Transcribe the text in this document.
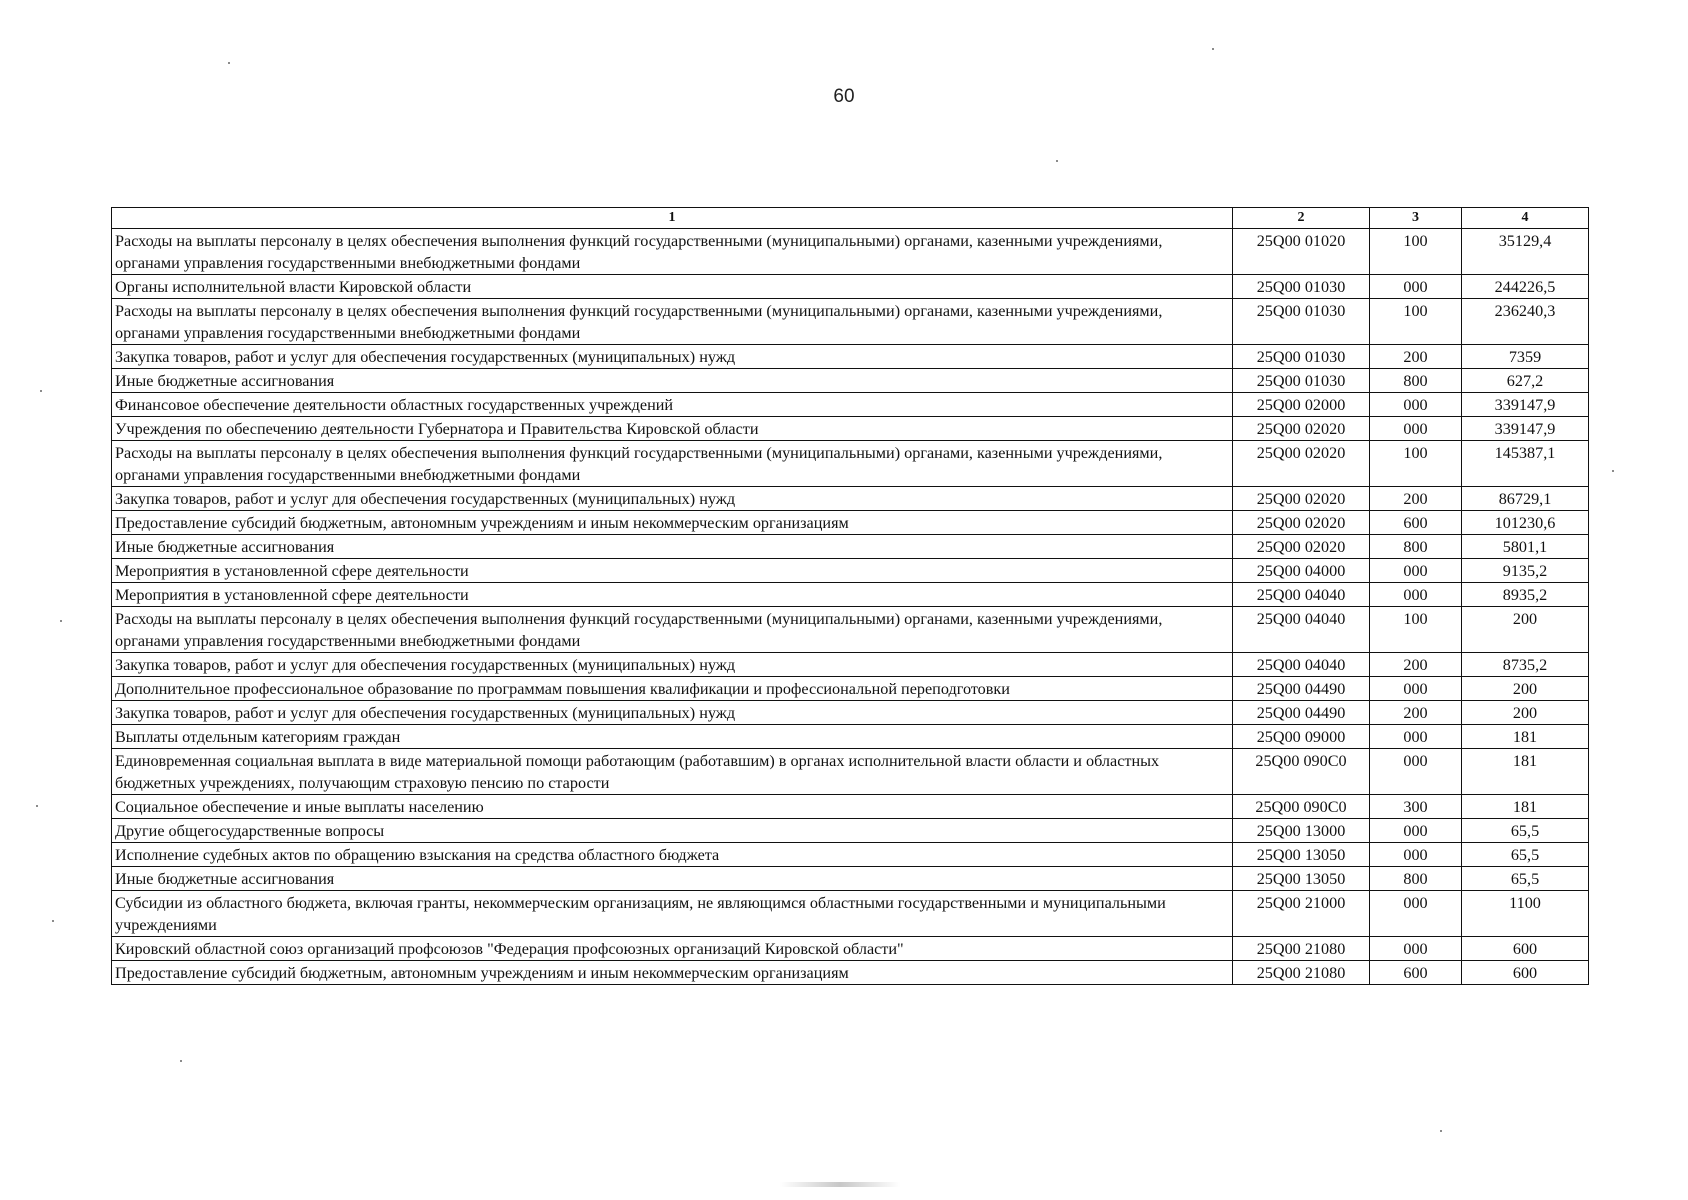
60
1	2	3	4
Расходы на выплаты персоналу в целях обеспечения выполнения функций государственными (муниципальными) органами, казенными учреждениями, органами управления государственными внебюджетными фондами	25Q00 01020	100	35129,4
Органы исполнительной власти Кировской области	25Q00 01030	000	244226,5
Расходы на выплаты персоналу в целях обеспечения выполнения функций государственными (муниципальными) органами, казенными учреждениями, органами управления государственными внебюджетными фондами	25Q00 01030	100	236240,3
Закупка товаров, работ и услуг для обеспечения государственных (муниципальных) нужд	25Q00 01030	200	7359
Иные бюджетные ассигнования	25Q00 01030	800	627,2
Финансовое обеспечение деятельности областных государственных учреждений	25Q00 02000	000	339147,9
Учреждения по обеспечению деятельности Губернатора и Правительства Кировской области	25Q00 02020	000	339147,9
Расходы на выплаты персоналу в целях обеспечения выполнения функций государственными (муниципальными) органами, казенными учреждениями, органами управления государственными внебюджетными фондами	25Q00 02020	100	145387,1
Закупка товаров, работ и услуг для обеспечения государственных (муниципальных) нужд	25Q00 02020	200	86729,1
Предоставление субсидий бюджетным, автономным учреждениям и иным некоммерческим организациям	25Q00 02020	600	101230,6
Иные бюджетные ассигнования	25Q00 02020	800	5801,1
Мероприятия в установленной сфере деятельности	25Q00 04000	000	9135,2
Мероприятия в установленной сфере деятельности	25Q00 04040	000	8935,2
Расходы на выплаты персоналу в целях обеспечения выполнения функций государственными (муниципальными) органами, казенными учреждениями, органами управления государственными внебюджетными фондами	25Q00 04040	100	200
Закупка товаров, работ и услуг для обеспечения государственных (муниципальных) нужд	25Q00 04040	200	8735,2
Дополнительное профессиональное образование по программам повышения квалификации и профессиональной переподготовки	25Q00 04490	000	200
Закупка товаров, работ и услуг для обеспечения государственных (муниципальных) нужд	25Q00 04490	200	200
Выплаты отдельным категориям граждан	25Q00 09000	000	181
Единовременная социальная выплата в виде материальной помощи работающим (работавшим) в органах исполнительной власти области и областных бюджетных учреждениях, получающим страховую пенсию по старости	25Q00 090C0	000	181
Социальное обеспечение и иные выплаты населению	25Q00 090C0	300	181
Другие общегосударственные вопросы	25Q00 13000	000	65,5
Исполнение судебных актов по обращению взыскания на средства областного бюджета	25Q00 13050	000	65,5
Иные бюджетные ассигнования	25Q00 13050	800	65,5
Субсидии из областного бюджета, включая гранты, некоммерческим организациям, не являющимся областными государственными и муниципальными учреждениями	25Q00 21000	000	1100
Кировский областной союз организаций профсоюзов "Федерация профсоюзных организаций Кировской области"	25Q00 21080	000	600
Предоставление субсидий бюджетным, автономным учреждениям и иным некоммерческим организациям	25Q00 21080	600	600
